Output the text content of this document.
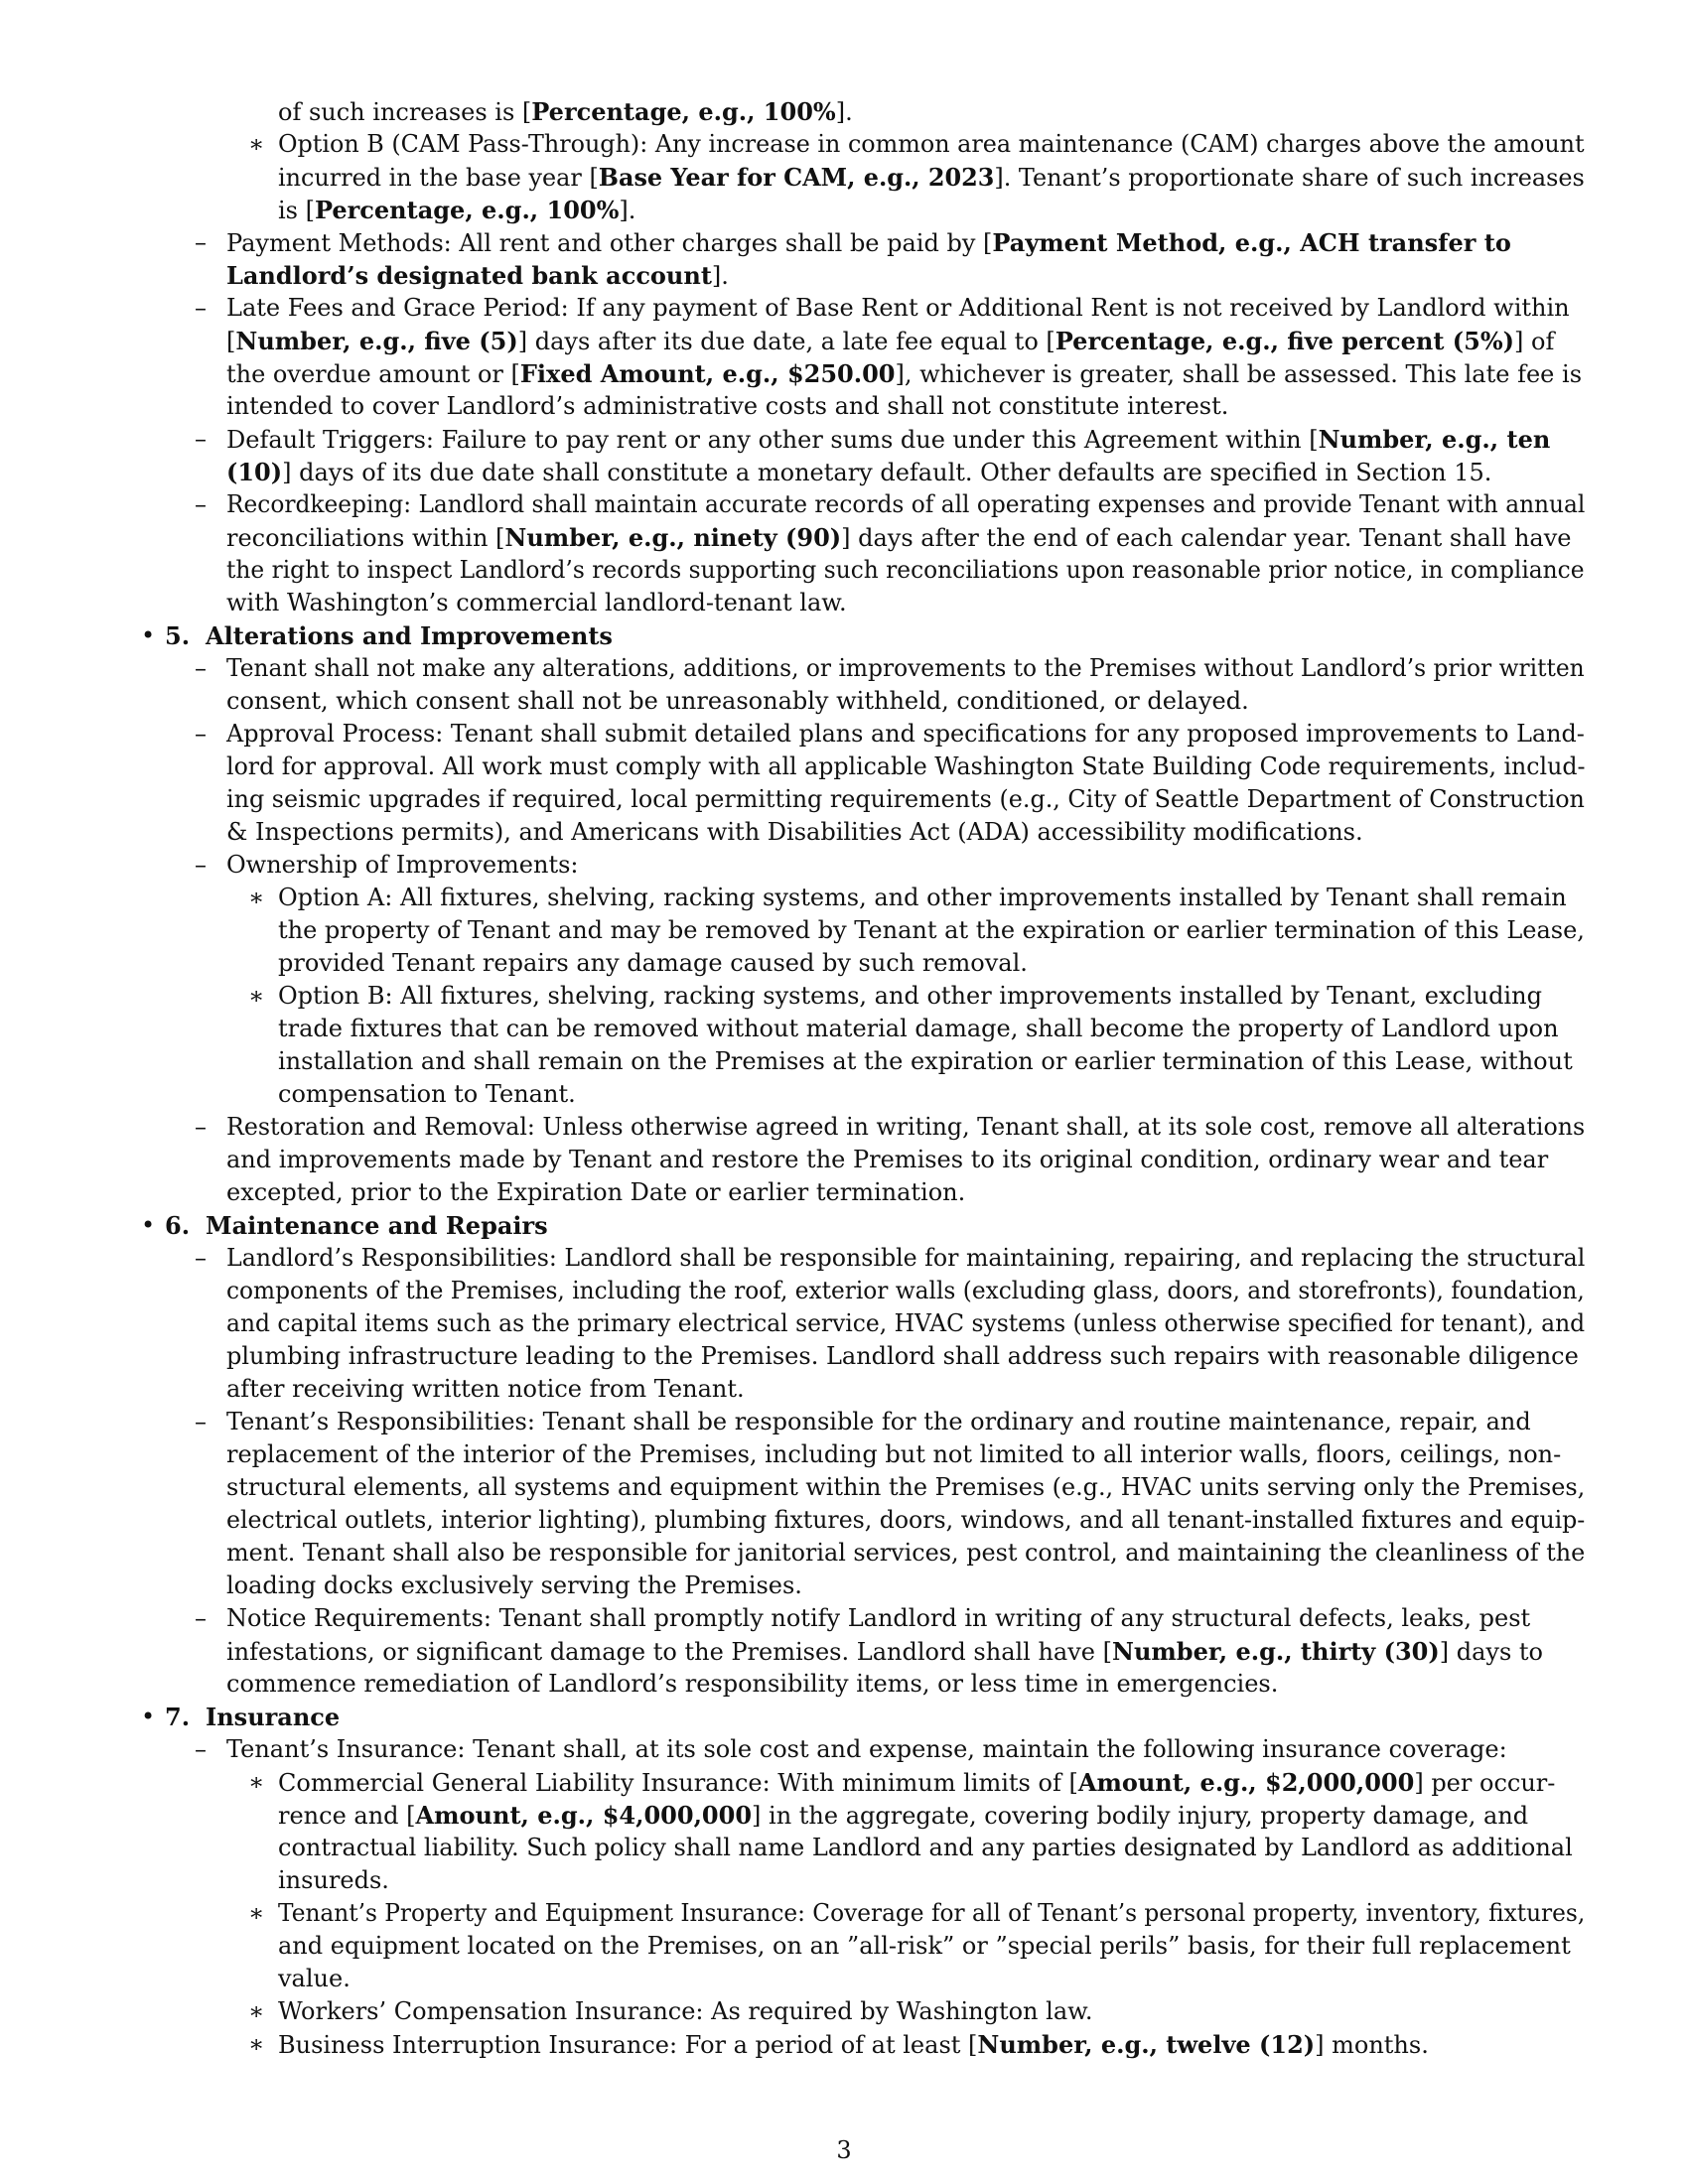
of such increases is [Percentage, e.g., 100%].
∗ Option B (CAM Pass-Through): Any increase in common area maintenance (CAM) charges above the amount
incurred in the base year [Base Year for CAM, e.g., 2023]. Tenant’s proportionate share of such increases
is [Percentage, e.g., 100%].
– Payment Methods: All rent and other charges shall be paid by [Payment Method, e.g., ACH transfer to
Landlord’s designated bank account].
– Late Fees and Grace Period: If any payment of Base Rent or Additional Rent is not received by Landlord within
[Number, e.g., five (5)] days after its due date, a late fee equal to [Percentage, e.g., five percent (5%)] of
the overdue amount or [Fixed Amount, e.g., $250.00], whichever is greater, shall be assessed. This late fee is
intended to cover Landlord’s administrative costs and shall not constitute interest.
– Default Triggers: Failure to pay rent or any other sums due under this Agreement within [Number, e.g., ten
(10)] days of its due date shall constitute a monetary default. Other defaults are specified in Section 15.
– Recordkeeping: Landlord shall maintain accurate records of all operating expenses and provide Tenant with annual
reconciliations within [Number, e.g., ninety (90)] days after the end of each calendar year. Tenant shall have
the right to inspect Landlord’s records supporting such reconciliations upon reasonable prior notice, in compliance
with Washington’s commercial landlord-tenant law.
• 5. Alterations and Improvements
– Tenant shall not make any alterations, additions, or improvements to the Premises without Landlord’s prior written
consent, which consent shall not be unreasonably withheld, conditioned, or delayed.
– Approval Process: Tenant shall submit detailed plans and specifications for any proposed improvements to Land-
lord for approval. All work must comply with all applicable Washington State Building Code requirements, includ-
ing seismic upgrades if required, local permitting requirements (e.g., City of Seattle Department of Construction
& Inspections permits), and Americans with Disabilities Act (ADA) accessibility modifications.
– Ownership of Improvements:
∗ Option A: All fixtures, shelving, racking systems, and other improvements installed by Tenant shall remain
the property of Tenant and may be removed by Tenant at the expiration or earlier termination of this Lease,
provided Tenant repairs any damage caused by such removal.
∗ Option B: All fixtures, shelving, racking systems, and other improvements installed by Tenant, excluding
trade fixtures that can be removed without material damage, shall become the property of Landlord upon
installation and shall remain on the Premises at the expiration or earlier termination of this Lease, without
compensation to Tenant.
– Restoration and Removal: Unless otherwise agreed in writing, Tenant shall, at its sole cost, remove all alterations
and improvements made by Tenant and restore the Premises to its original condition, ordinary wear and tear
excepted, prior to the Expiration Date or earlier termination.
• 6. Maintenance and Repairs
– Landlord’s Responsibilities: Landlord shall be responsible for maintaining, repairing, and replacing the structural
components of the Premises, including the roof, exterior walls (excluding glass, doors, and storefronts), foundation,
and capital items such as the primary electrical service, HVAC systems (unless otherwise specified for tenant), and
plumbing infrastructure leading to the Premises. Landlord shall address such repairs with reasonable diligence
after receiving written notice from Tenant.
– Tenant’s Responsibilities: Tenant shall be responsible for the ordinary and routine maintenance, repair, and
replacement of the interior of the Premises, including but not limited to all interior walls, floors, ceilings, non-
structural elements, all systems and equipment within the Premises (e.g., HVAC units serving only the Premises,
electrical outlets, interior lighting), plumbing fixtures, doors, windows, and all tenant-installed fixtures and equip-
ment. Tenant shall also be responsible for janitorial services, pest control, and maintaining the cleanliness of the
loading docks exclusively serving the Premises.
– Notice Requirements: Tenant shall promptly notify Landlord in writing of any structural defects, leaks, pest
infestations, or significant damage to the Premises. Landlord shall have [Number, e.g., thirty (30)] days to
commence remediation of Landlord’s responsibility items, or less time in emergencies.
• 7. Insurance
– Tenant’s Insurance: Tenant shall, at its sole cost and expense, maintain the following insurance coverage:
∗ Commercial General Liability Insurance: With minimum limits of [Amount, e.g., $2,000,000] per occur-
rence and [Amount, e.g., $4,000,000] in the aggregate, covering bodily injury, property damage, and
contractual liability. Such policy shall name Landlord and any parties designated by Landlord as additional
insureds.
∗ Tenant’s Property and Equipment Insurance: Coverage for all of Tenant’s personal property, inventory, fixtures,
and equipment located on the Premises, on an ”all-risk” or ”special perils” basis, for their full replacement
value.
∗ Workers’ Compensation Insurance: As required by Washington law.
∗ Business Interruption Insurance: For a period of at least [Number, e.g., twelve (12)] months.
3
